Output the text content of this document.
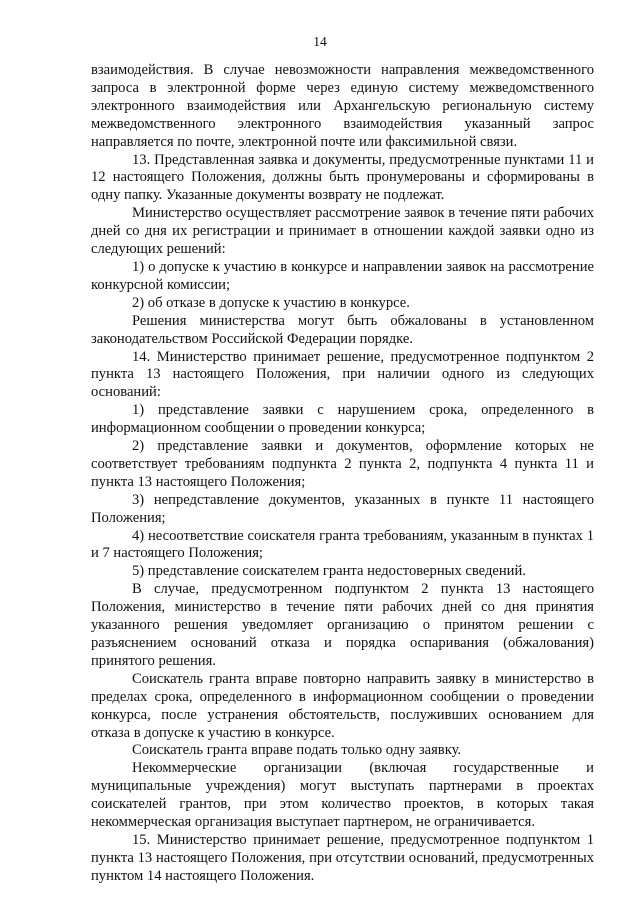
14

взаимодействия. В случае невозможности направления межведомственного запроса в электронной форме через единую систему межведомственного электронного взаимодействия или Архангельскую региональную систему межведомственного электронного взаимодействия указанный запрос направляется по почте, электронной почте или факсимильной связи.

13. Представленная заявка и документы, предусмотренные пунктами 11 и 12 настоящего Положения, должны быть пронумерованы и сформированы в одну папку. Указанные документы возврату не подлежат.

Министерство осуществляет рассмотрение заявок в течение пяти рабочих дней со дня их регистрации и принимает в отношении каждой заявки одно из следующих решений:

1) о допуске к участию в конкурсе и направлении заявок на рассмотрение конкурсной комиссии;

2) об отказе в допуске к участию в конкурсе.

Решения министерства могут быть обжалованы в установленном законодательством Российской Федерации порядке.

14. Министерство принимает решение, предусмотренное подпунктом 2 пункта 13 настоящего Положения, при наличии одного из следующих оснований:

1) представление заявки с нарушением срока, определенного в информационном сообщении о проведении конкурса;

2) представление заявки и документов, оформление которых не соответствует требованиям подпункта 2 пункта 2, подпункта 4 пункта 11 и пункта 13 настоящего Положения;

3) непредставление документов, указанных в пункте 11 настоящего Положения;

4) несоответствие соискателя гранта требованиям, указанным в пунктах 1 и 7 настоящего Положения;

5) представление соискателем гранта недостоверных сведений.

В случае, предусмотренном подпунктом 2 пункта 13 настоящего Положения, министерство в течение пяти рабочих дней со дня принятия указанного решения уведомляет организацию о принятом решении с разъяснением оснований отказа и порядка оспаривания (обжалования) принятого решения.

Соискатель гранта вправе повторно направить заявку в министерство в пределах срока, определенного в информационном сообщении о проведении конкурса, после устранения обстоятельств, послуживших основанием для отказа в допуске к участию в конкурсе.

Соискатель гранта вправе подать только одну заявку.

Некоммерческие организации (включая государственные и муниципальные учреждения) могут выступать партнерами в проектах соискателей грантов, при этом количество проектов, в которых такая некоммерческая организация выступает партнером, не ограничивается.

15. Министерство принимает решение, предусмотренное подпунктом 1 пункта 13 настоящего Положения, при отсутствии оснований, предусмотренных пунктом 14 настоящего Положения.
